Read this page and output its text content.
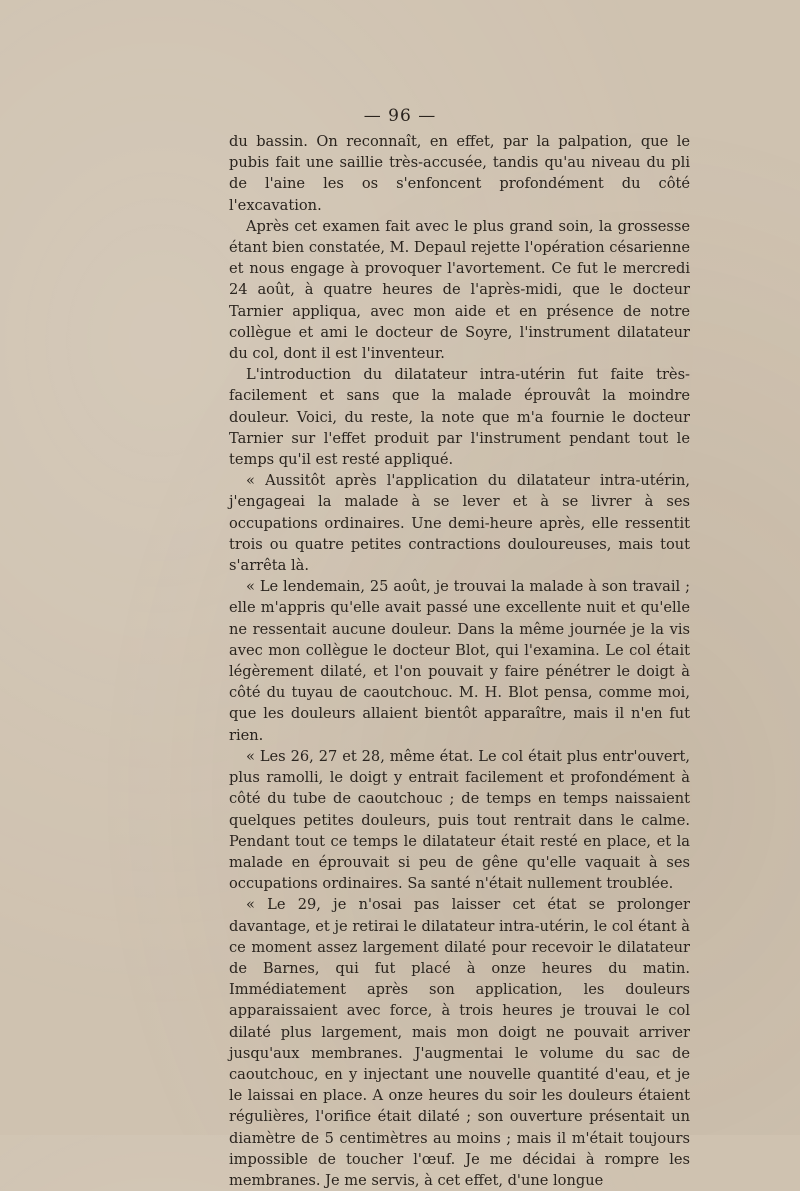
— 96 —

du bassin. On reconnaît, en effet, par la palpation, que le pubis fait une saillie très-accusée, tandis qu'au niveau du pli de l'aine les os s'enfoncent profondément du côté l'excavation.

Après cet examen fait avec le plus grand soin, la grossesse étant bien constatée, M. Depaul rejette l'opération césarienne et nous engage à provoquer l'avortement. Ce fut le mercredi 24 août, à quatre heures de l'après-midi, que le docteur Tarnier appliqua, avec mon aide et en présence de notre collègue et ami le docteur de Soyre, l'instrument dilatateur du col, dont il est l'inventeur.

L'introduction du dilatateur intra-utérin fut faite très-facilement et sans que la malade éprouvât la moindre douleur. Voici, du reste, la note que m'a fournie le docteur Tarnier sur l'effet produit par l'instrument pendant tout le temps qu'il est resté appliqué.

« Aussitôt après l'application du dilatateur intra-utérin, j'engageai la malade à se lever et à se livrer à ses occupations ordinaires. Une demi-heure après, elle ressentit trois ou quatre petites contractions douloureuses, mais tout s'arrêta là.

« Le lendemain, 25 août, je trouvai la malade à son travail ; elle m'appris qu'elle avait passé une excellente nuit et qu'elle ne ressentait aucune douleur. Dans la même journée je la vis avec mon collègue le docteur Blot, qui l'examina. Le col était légèrement dilaté, et l'on pouvait y faire pénétrer le doigt à côté du tuyau de caoutchouc. M. H. Blot pensa, comme moi, que les douleurs allaient bientôt apparaître, mais il n'en fut rien.

« Les 26, 27 et 28, même état. Le col était plus entr'ouvert, plus ramolli, le doigt y entrait facilement et profondément à côté du tube de caoutchouc ; de temps en temps naissaient quelques petites douleurs, puis tout rentrait dans le calme. Pendant tout ce temps le dilatateur était resté en place, et la malade en éprouvait si peu de gêne qu'elle vaquait à ses occupations ordinaires. Sa santé n'était nullement troublée.

« Le 29, je n'osai pas laisser cet état se prolonger davantage, et je retirai le dilatateur intra-utérin, le col étant à ce moment assez largement dilaté pour recevoir le dilatateur de Barnes, qui fut placé à onze heures du matin. Immédiatement après son application, les douleurs apparaissaient avec force, à trois heures je trouvai le col dilaté plus largement, mais mon doigt ne pouvait arriver jusqu'aux membranes. J'augmentai le volume du sac de caoutchouc, en y injectant une nouvelle quantité d'eau, et je le laissai en place. A onze heures du soir les douleurs étaient régulières, l'orifice était dilaté ; son ouverture présentait un diamètre de 5 centimètres au moins ; mais il m'était toujours impossible de toucher l'œuf. Je me décidai à rompre les membranes. Je me servis, à cet effet, d'une longue
